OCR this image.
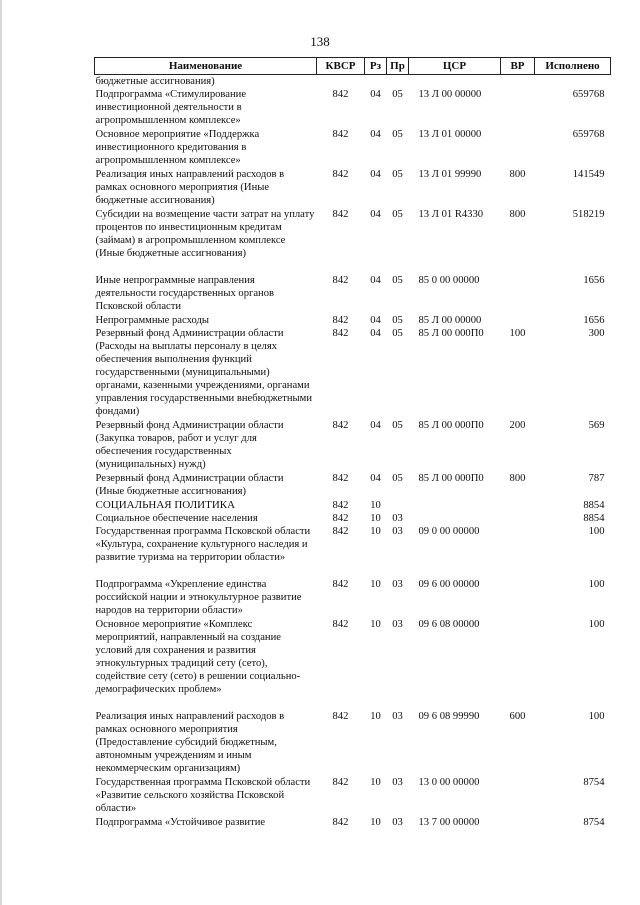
138
Наименование	КВСР	Рз	Пр	ЦСР	ВР	Исполнено
бюджетные ассигнования)						
Подпрограмма «Стимулирование инвестиционной деятельности в агропромышленном комплексе»	842	04	05	13 Л 00 00000		659768
Основное мероприятие «Поддержка инвестиционного кредитования в агропромышленном комплексе»	842	04	05	13 Л 01 00000		659768
Реализация иных направлений расходов в рамках основного мероприятия (Иные бюджетные ассигнования)	842	04	05	13 Л 01 99990	800	141549
Субсидии на возмещение части затрат на уплату процентов по инвестиционным кредитам (займам) в агропромышленном комплексе (Иные бюджетные ассигнования)	842	04	05	13 Л 01 R4330	800	518219
Иные непрограммные направления деятельности государственных органов Псковской области	842	04	05	85 0 00 00000		1656
Непрограммные расходы	842	04	05	85 Л 00 00000		1656
Резервный фонд Администрации области (Расходы на выплаты персоналу в целях обеспечения выполнения функций государственными (муниципальными) органами, казенными учреждениями, органами управления государственными внебюджетными фондами)	842	04	05	85 Л 00 000П0	100	300
Резервный фонд Администрации области (Закупка товаров, работ и услуг для обеспечения государственных (муниципальных) нужд)	842	04	05	85 Л 00 000П0	200	569
Резервный фонд Администрации области (Иные бюджетные ассигнования)	842	04	05	85 Л 00 000П0	800	787
СОЦИАЛЬНАЯ ПОЛИТИКА	842	10				8854
Социальное обеспечение населения	842	10	03			8854
Государственная программа Псковской области «Культура, сохранение культурного наследия и развитие туризма на территории области»	842	10	03	09 0 00 00000		100
Подпрограмма «Укрепление единства российской нации и этнокультурное развитие народов на территории области»	842	10	03	09 6 00 00000		100
Основное мероприятие «Комплекс мероприятий, направленный на создание условий для сохранения и развития этнокультурных традиций сету (сето), содействие сету (сето) в решении социально-демографических проблем»	842	10	03	09 6 08 00000		100
Реализация иных направлений расходов в рамках основного мероприятия (Предоставление субсидий бюджетным, автономным учреждениям и иным некоммерческим организациям)	842	10	03	09 6 08 99990	600	100
Государственная программа Псковской области «Развитие сельского хозяйства Псковской области»	842	10	03	13 0 00 00000		8754
Подпрограмма «Устойчивое развитие	842	10	03	13 7 00 00000		8754
